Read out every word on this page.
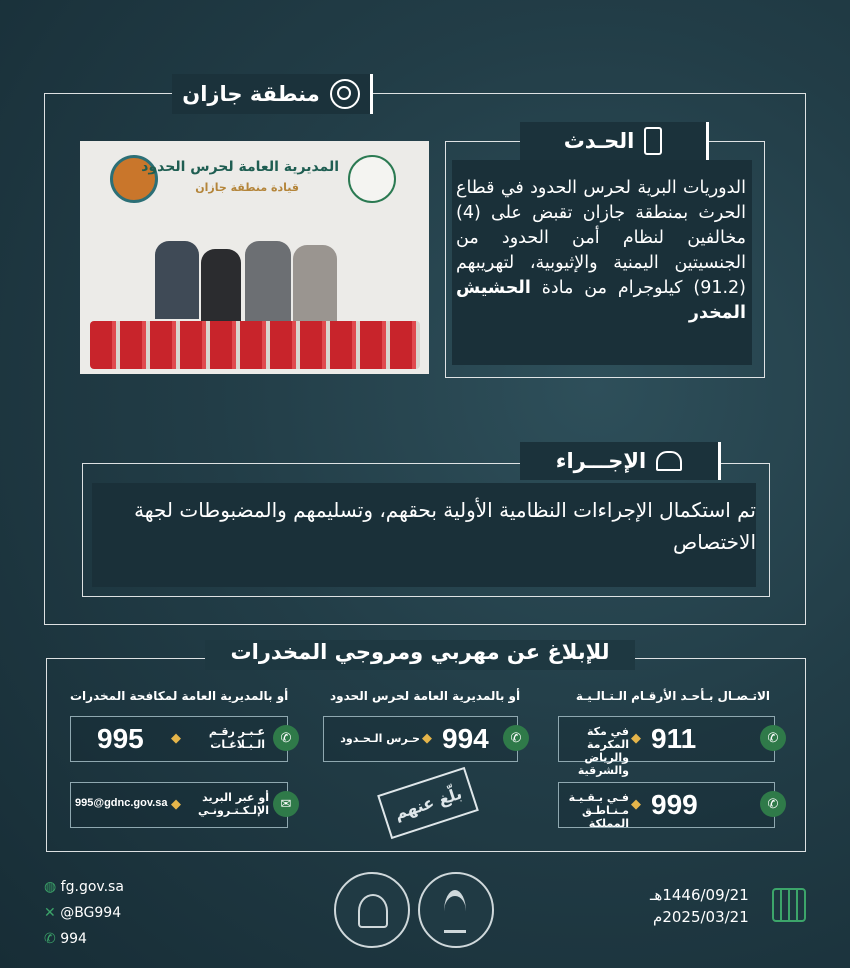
منطقة جازان
المديرية العامة لحرس الحدود
قيادة منطقة جازان
الحـدث
الدوريات البرية لحرس الحدود في قطاع الحرث بمنطقة جازان تقبض على (4) مخالفين لنظام أمن الحدود من الجنسيتين اليمنية والإثيوبية، لتهريبهم (91.2) كيلوجرام من مادة الحشيش المخدر
الإجـــراء
تم استكمال الإجراءات النظامية الأولية بحقهم، وتسليمهم والمضبوطات لجهة الاختصاص
للإبلاغ عن مهربي ومروجي المخدرات
الاتـصـال بـأحـد الأرقـام الـتـالـيـة
أو بالمديرية العامة لحرس الحدود
أو بالمديرية العامة لمكافحة المخدرات
✆
911
◆
في مكة المكرمة والرياض والشرقية
✆
999
◆
فـي بـقـيـة مـنـاطـق المملكة
✆
994
◆
حـرس الـحـدود
✆
995 ◆	عـبـر رقـم الـبـلاغـات
✉
995@gdnc.gov.sa ◆	أو عبر البريد الإلـكـتـرونـي	بلّغ عنهم
◍ fg.gov.sa
✕ @BG994
✆ 994
1446/09/21هـ
2025/03/21م
